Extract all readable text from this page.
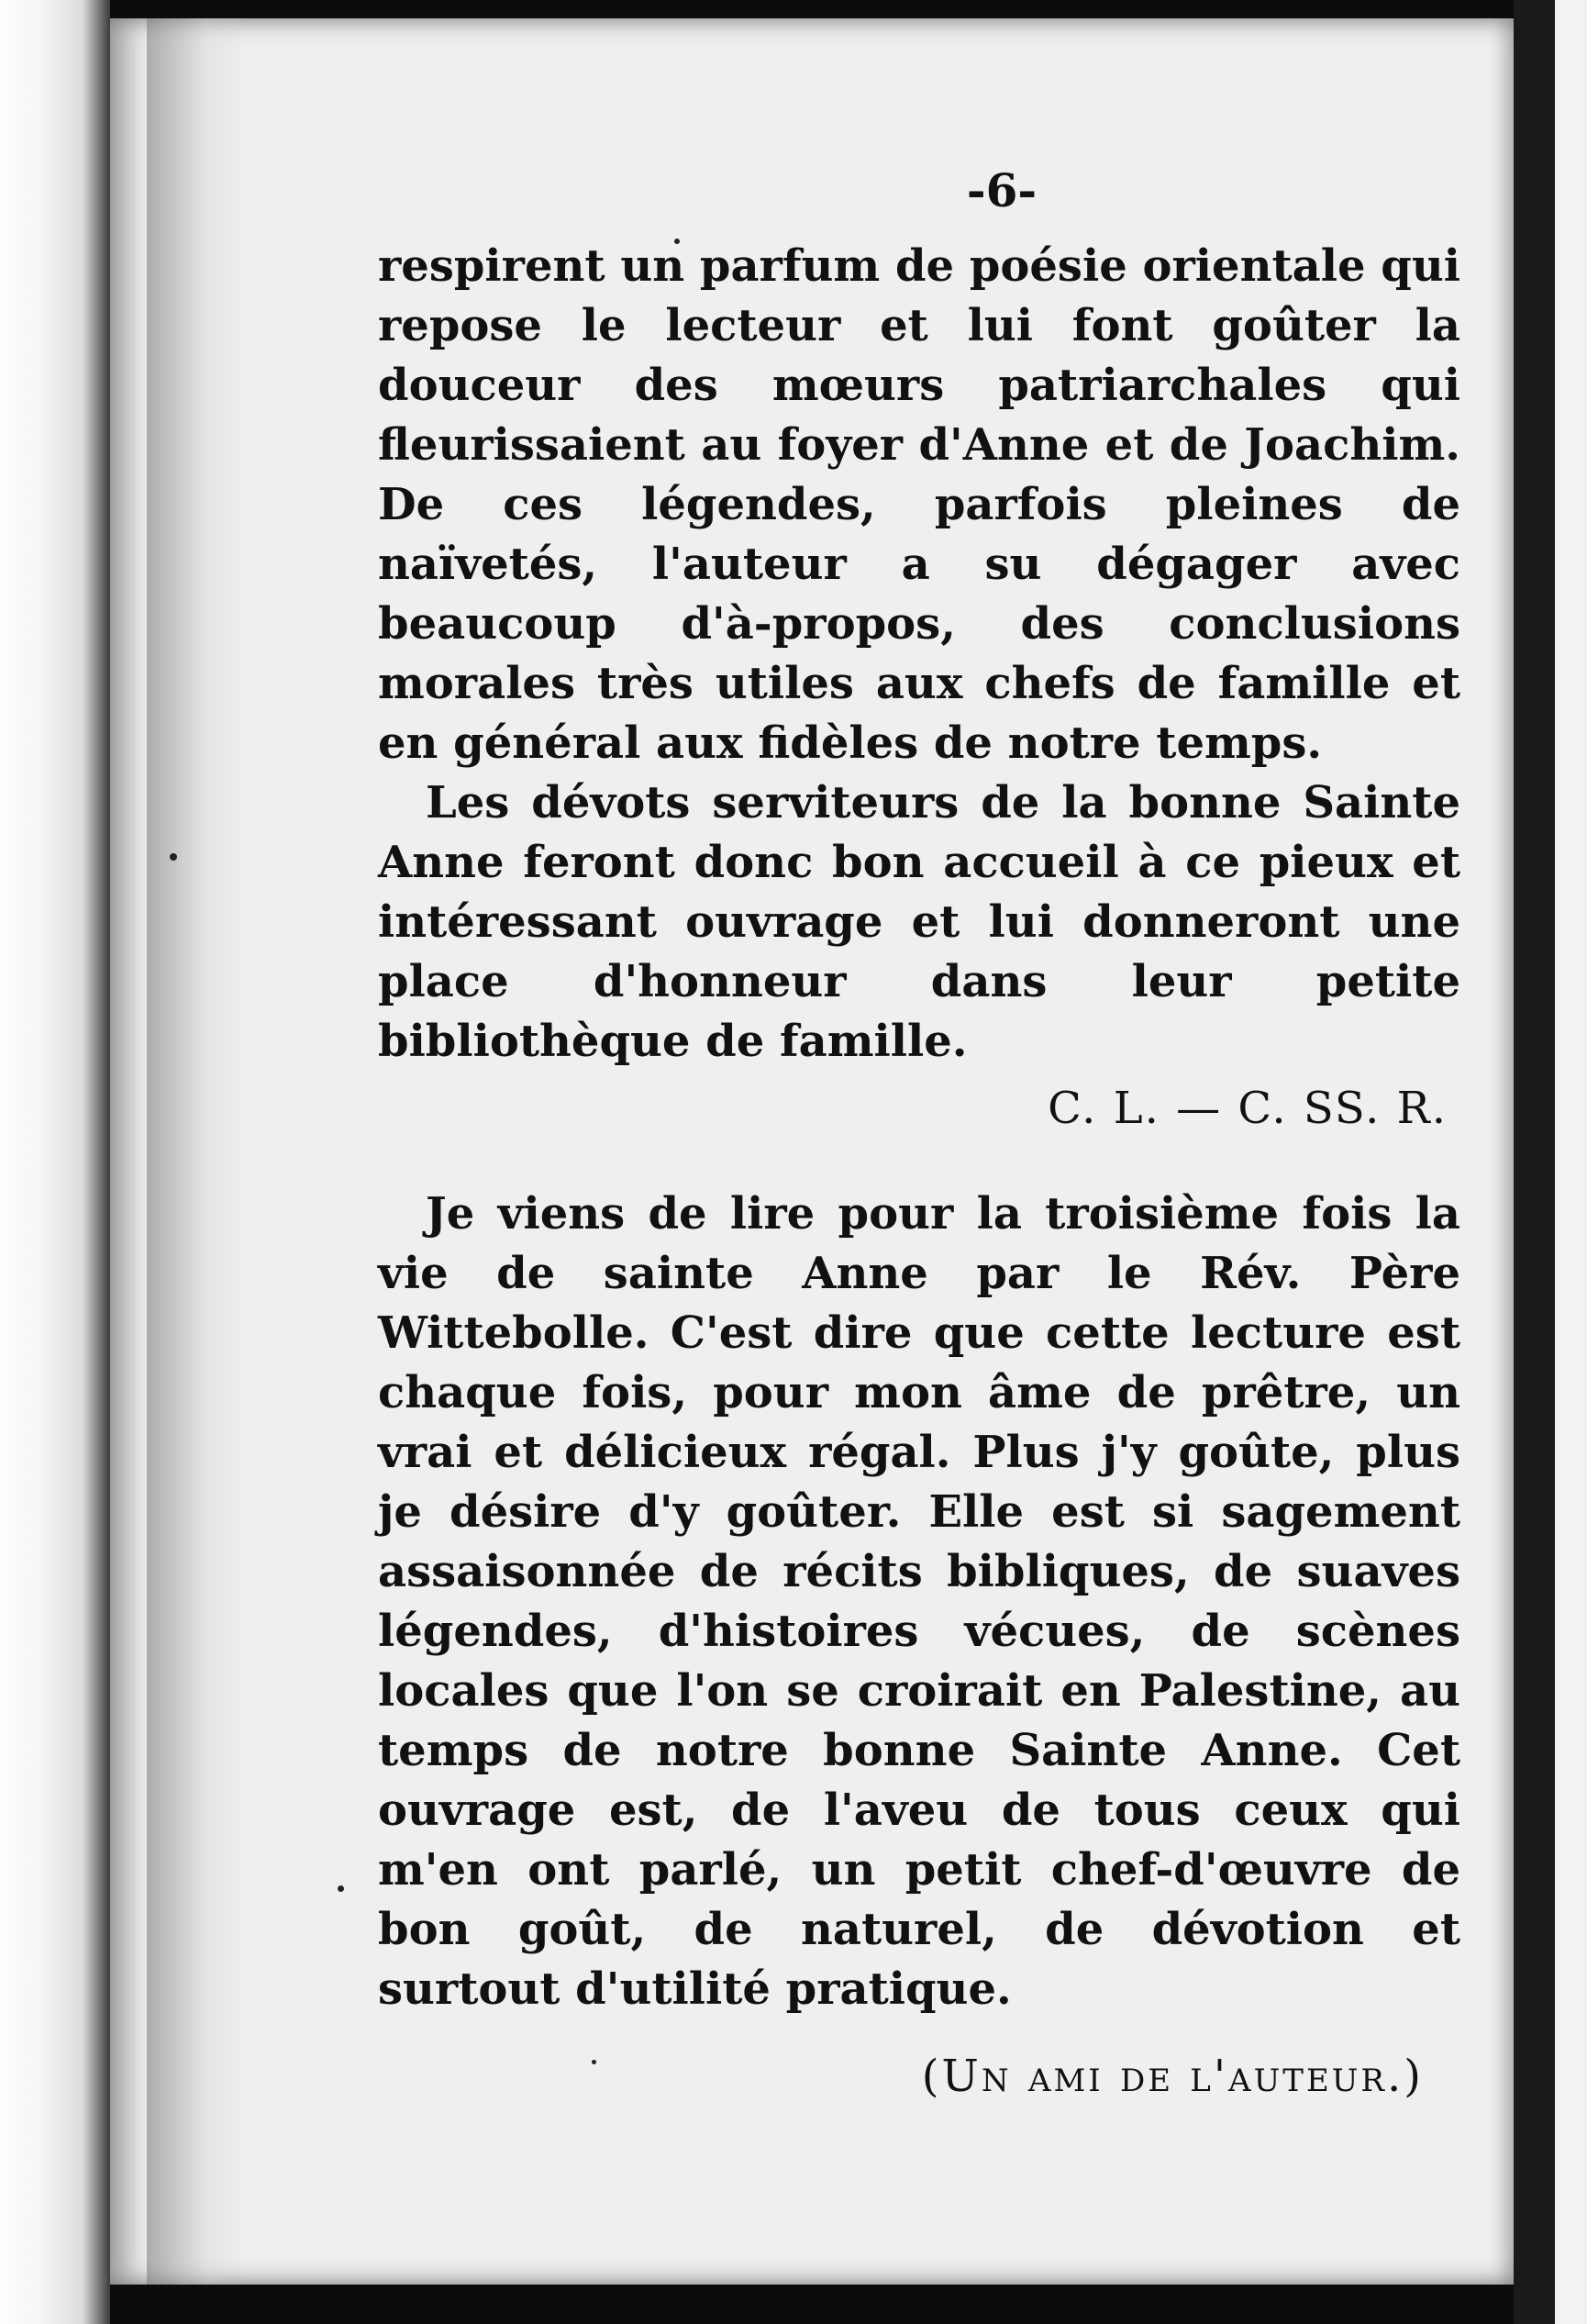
-6-

respirent un parfum de poésie orientale qui repose le lecteur et lui font goûter la douceur des mœurs patriarchales qui fleurissaient au foyer d'Anne et de Joachim. De ces légendes, parfois pleines de naïvetés, l'auteur a su dégager avec beaucoup d'à-propos, des conclusions morales très utiles aux chefs de famille et en général aux fidèles de notre temps.

Les dévots serviteurs de la bonne Sainte Anne feront donc bon accueil à ce pieux et intéressant ouvrage et lui donneront une place d'honneur dans leur petite bibliothèque de famille.

C. L. — C. SS. R.

Je viens de lire pour la troisième fois la vie de sainte Anne par le Rév. Père Wittebolle. C'est dire que cette lecture est chaque fois, pour mon âme de prêtre, un vrai et délicieux régal. Plus j'y goûte, plus je désire d'y goûter. Elle est si sagement assaisonnée de récits bibliques, de suaves légendes, d'histoires vécues, de scènes locales que l'on se croirait en Palestine, au temps de notre bonne Sainte Anne. Cet ouvrage est, de l'aveu de tous ceux qui m'en ont parlé, un petit chef-d'œuvre de bon goût, de naturel, de dévotion et surtout d'utilité pratique.

(Un ami de l'auteur.)
